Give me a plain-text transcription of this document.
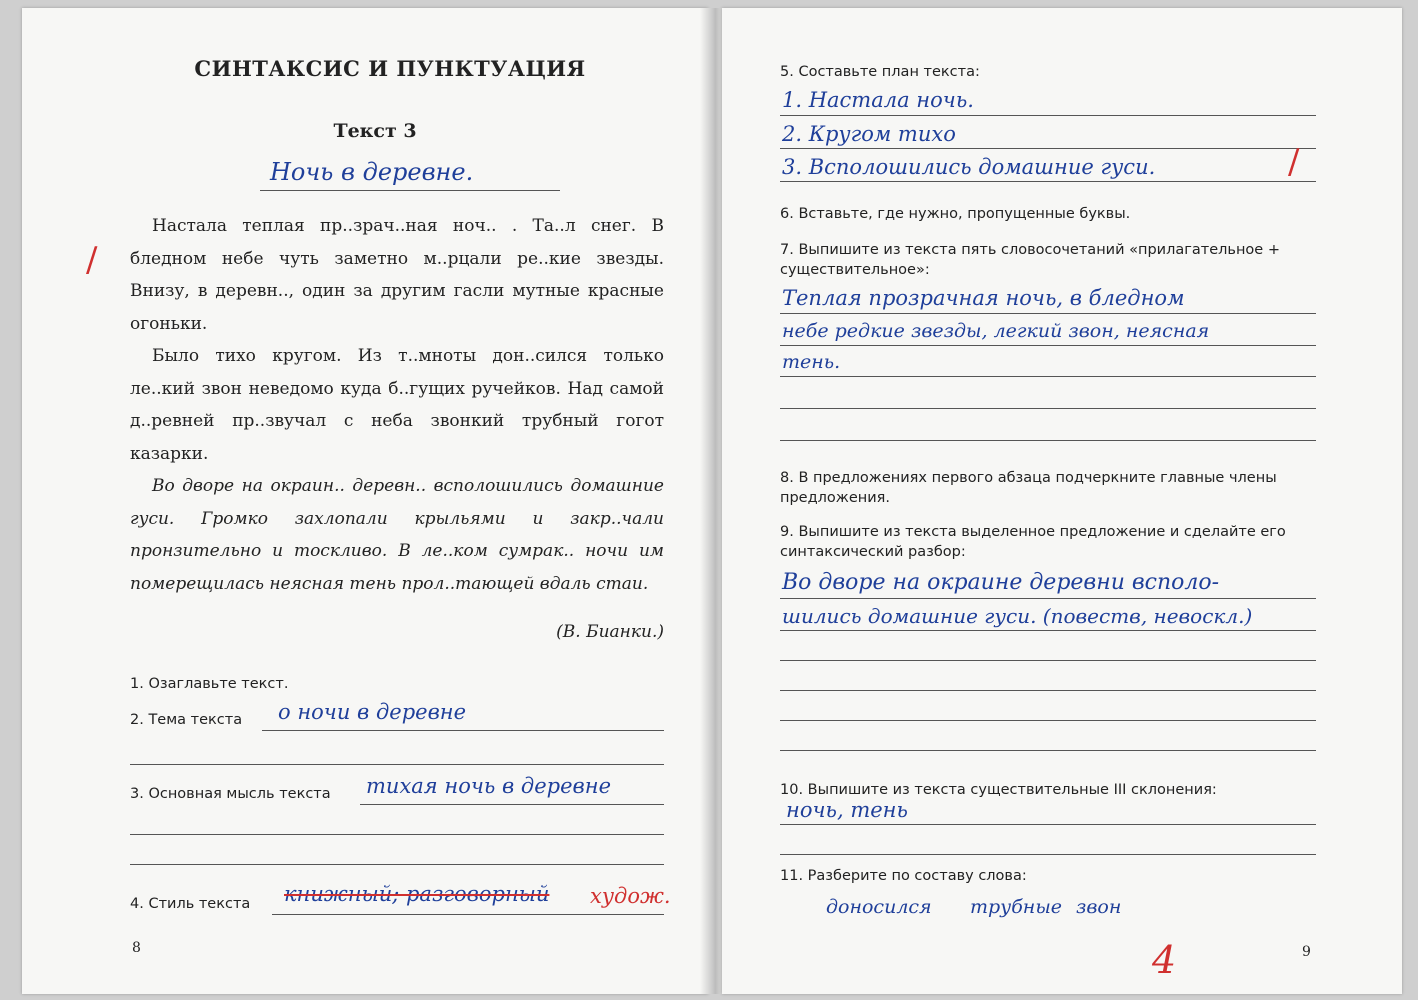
СИНТАКСИС И ПУНКТУАЦИЯ
Текст 3
Ночь в деревне.
/

Настала теплая пр..зрач..ная ноч.. . Та..л снег. В бледном небе чуть заметно м..рцали ре..кие звезды. Внизу, в деревн.., один за другим гасли мутные красные огоньки.

Было тихо кругом. Из т..мноты дон..сился только ле..кий звон неведомо куда б..гущих ручейков. Над самой д..ревней пр..звучал с неба звонкий трубный гогот казарки.

Во дворе на окраин.. деревн.. всполошились домашние гуси. Громко захлопали крыльями и закр..чали пронзительно и тоскливо. В ле..ком сумрак.. ночи им померещилась неясная тень прол..тающей вдаль стаи.

(В. Бианки.)
1. Озаглавьте текст.
2. Тема текста о ночи в деревне
3. Основная мысль текста тихая ночь в деревне
4. Стиль текста книжный; разговорный худож.
8
5. Составьте план текста:
1. Настала ночь.
2. Кругом тихо
3. Всполошились домашние гуси.	/
6. Вставьте, где нужно, пропущенные буквы.
7. Выпишите из текста пять словосочетаний «прилагательное + существительное»:
Теплая прозрачная ночь, в бледном
небе редкие звезды, легкий звон, неясная
тень.
8. В предложениях первого абзаца подчеркните главные члены предложения.
9. Выпишите из текста выделенное предложение и сделайте его синтаксический разбор:
Во дворе на окраине деревни всполо-
шились домашние гуси. (повеств, невоскл.)
10. Выпишите из текста существительные III склонения:
ночь, тень
11. Разберите по составу слова:
доносился трубные звон
4	9
